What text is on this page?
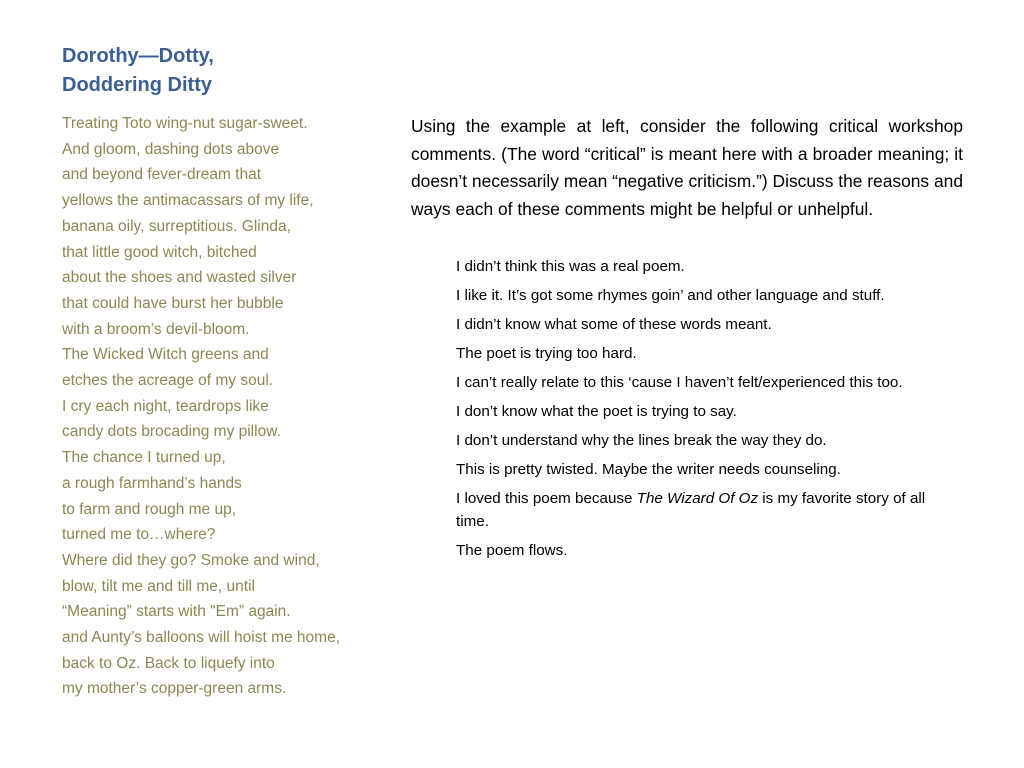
Dorothy—Dotty,
Doddering Ditty
Treating Toto wing-nut sugar-sweet.
And gloom, dashing dots above
and beyond fever-dream that
yellows the antimacassars of my life,
banana oily, surreptitious. Glinda,
that little good witch, bitched
about the shoes and wasted silver
that could have burst her bubble
with a broom’s devil-bloom.
The Wicked Witch greens and
etches the acreage of my soul.
I cry each night, teardrops like
candy dots brocading my pillow.
The chance I turned up,
a rough farmhand’s hands
to farm and rough me up,
turned me to…where?
Where did they go? Smoke and wind,
blow, tilt me and till me, until
“Meaning” starts with "Em” again.
and Aunty’s balloons will hoist me home,
back to Oz. Back to liquefy into
my mother’s copper-green arms.

Using the example at left, consider the following critical workshop comments. (The word “critical” is meant here with a broader meaning; it doesn’t necessarily mean “negative criticism.”) Discuss the reasons and ways each of these comments might be helpful or unhelpful.

I didn’t think this was a real poem.
I like it. It’s got some rhymes goin’ and other language and stuff.
I didn’t know what some of these words meant.
The poet is trying too hard.
I can’t really relate to this ‘cause I haven’t felt/experienced this too.
I don’t know what the poet is trying to say.
I don’t understand why the lines break the way they do.
This is pretty twisted. Maybe the writer needs counseling.
I loved this poem because The Wizard Of Oz is my favorite story of all time.
The poem flows.
